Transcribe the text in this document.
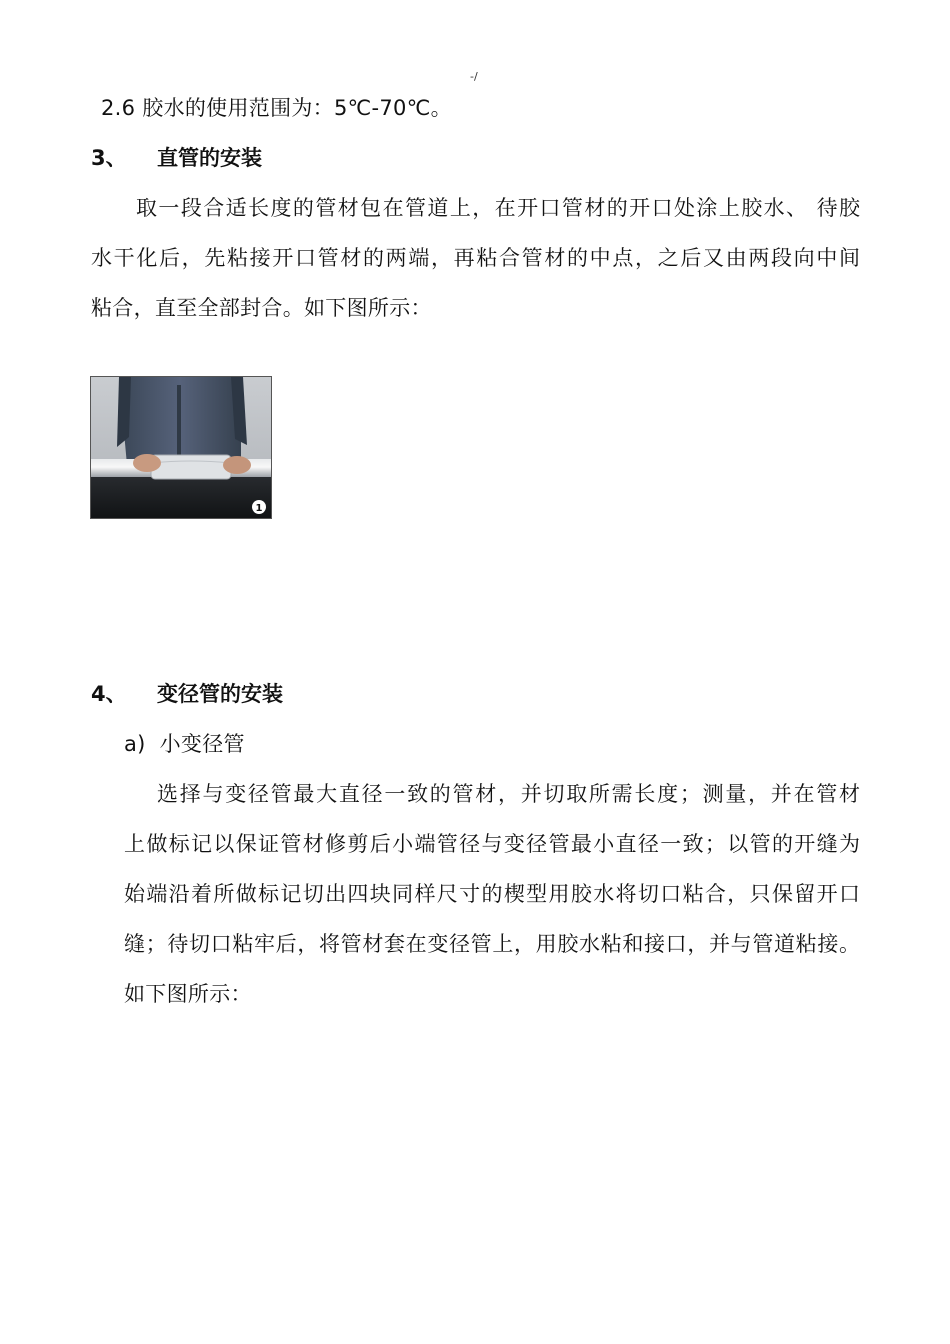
-/
2.6 胶水的使用范围为：5℃-70℃。
3、 直管的安装
取一段合适长度的管材包在管道上，在开口管材的开口处涂上胶水、 待胶
水干化后，先粘接开口管材的两端，再粘合管材的中点，之后又由两段向中间
粘合，直至全部封合。如下图所示：
1
4、 变径管的安装
a)  小变径管
选择与变径管最大直径一致的管材，并切取所需长度；测量，并在管材
上做标记以保证管材修剪后小端管径与变径管最小直径一致；以管的开缝为
始端沿着所做标记切出四块同样尺寸的楔型用胶水将切口粘合，只保留开口
缝；待切口粘牢后，将管材套在变径管上，用胶水粘和接口，并与管道粘接。
如下图所示：
